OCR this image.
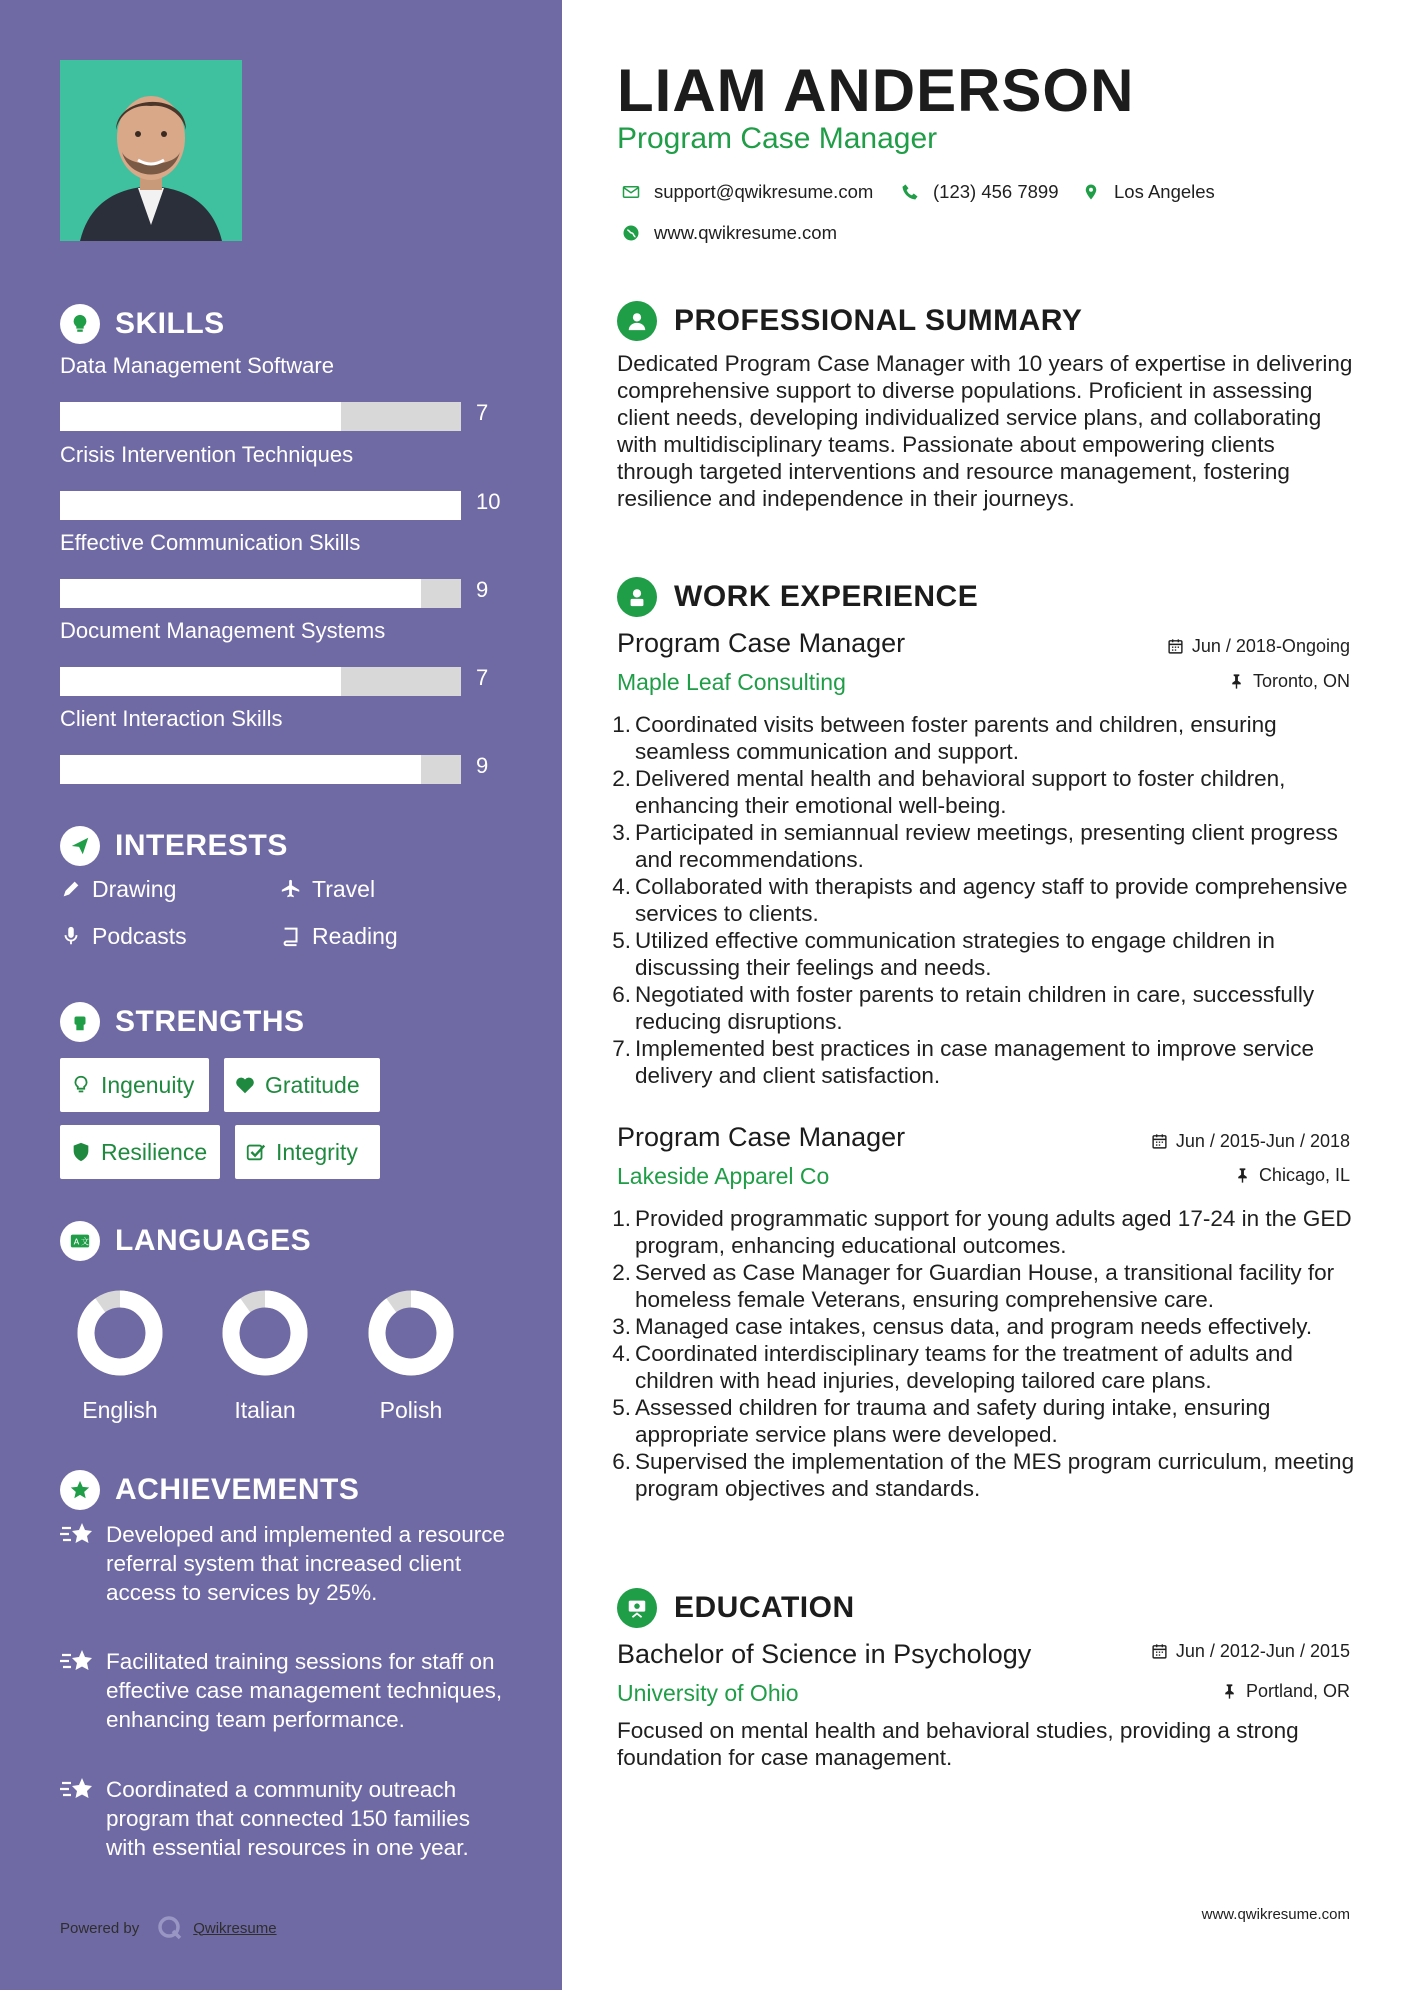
SKILLS
Data Management Software
7
Crisis Intervention Techniques
10
Effective Communication Skills
9
Document Management Systems
7
Client Interaction Skills
9
INTERESTS
Drawing	Travel
Podcasts	Reading
STRENGTHS
Ingenuity	Gratitude
Resilience	Integrity
A 文 LANGUAGES
English	Italian	Polish
ACHIEVEMENTS
Developed and implemented a resource referral system that increased client access to services by 25%.
Facilitated training sessions for staff on effective case management techniques, enhancing team performance.
Coordinated a community outreach program that connected 150 families with essential resources in one year.
Powered by	Qwikresume
LIAM ANDERSON
Program Case Manager
support@qwikresume.com	(123) 456 7899	Los Angeles
www.qwikresume.com
PROFESSIONAL SUMMARY
Dedicated Program Case Manager with 10 years of expertise in delivering comprehensive support to diverse populations. Proficient in assessing client needs, developing individualized service plans, and collaborating with multidisciplinary teams. Passionate about empowering clients through targeted interventions and resource management, fostering resilience and independence in their journeys.
WORK EXPERIENCE
Program Case Manager
Maple Leaf Consulting
Jun / 2018-Ongoing
Toronto, ON
1. Coordinated visits between foster parents and children, ensuring seamless communication and support.
2. Delivered mental health and behavioral support to foster children, enhancing their emotional well-being.
3. Participated in semiannual review meetings, presenting client progress and recommendations.
4. Collaborated with therapists and agency staff to provide comprehensive services to clients.
5. Utilized effective communication strategies to engage children in discussing their feelings and needs.
6. Negotiated with foster parents to retain children in care, successfully reducing disruptions.
7. Implemented best practices in case management to improve service delivery and client satisfaction.
Program Case Manager
Lakeside Apparel Co
Jun / 2015-Jun / 2018
Chicago, IL
1. Provided programmatic support for young adults aged 17-24 in the GED program, enhancing educational outcomes.
2. Served as Case Manager for Guardian House, a transitional facility for homeless female Veterans, ensuring comprehensive care.
3. Managed case intakes, census data, and program needs effectively.
4. Coordinated interdisciplinary teams for the treatment of adults and children with head injuries, developing tailored care plans.
5. Assessed children for trauma and safety during intake, ensuring appropriate service plans were developed.
6. Supervised the implementation of the MES program curriculum, meeting program objectives and standards.
EDUCATION
Bachelor of Science in Psychology
University of Ohio
Jun / 2012-Jun / 2015
Portland, OR
Focused on mental health and behavioral studies, providing a strong foundation for case management.
www.qwikresume.com
